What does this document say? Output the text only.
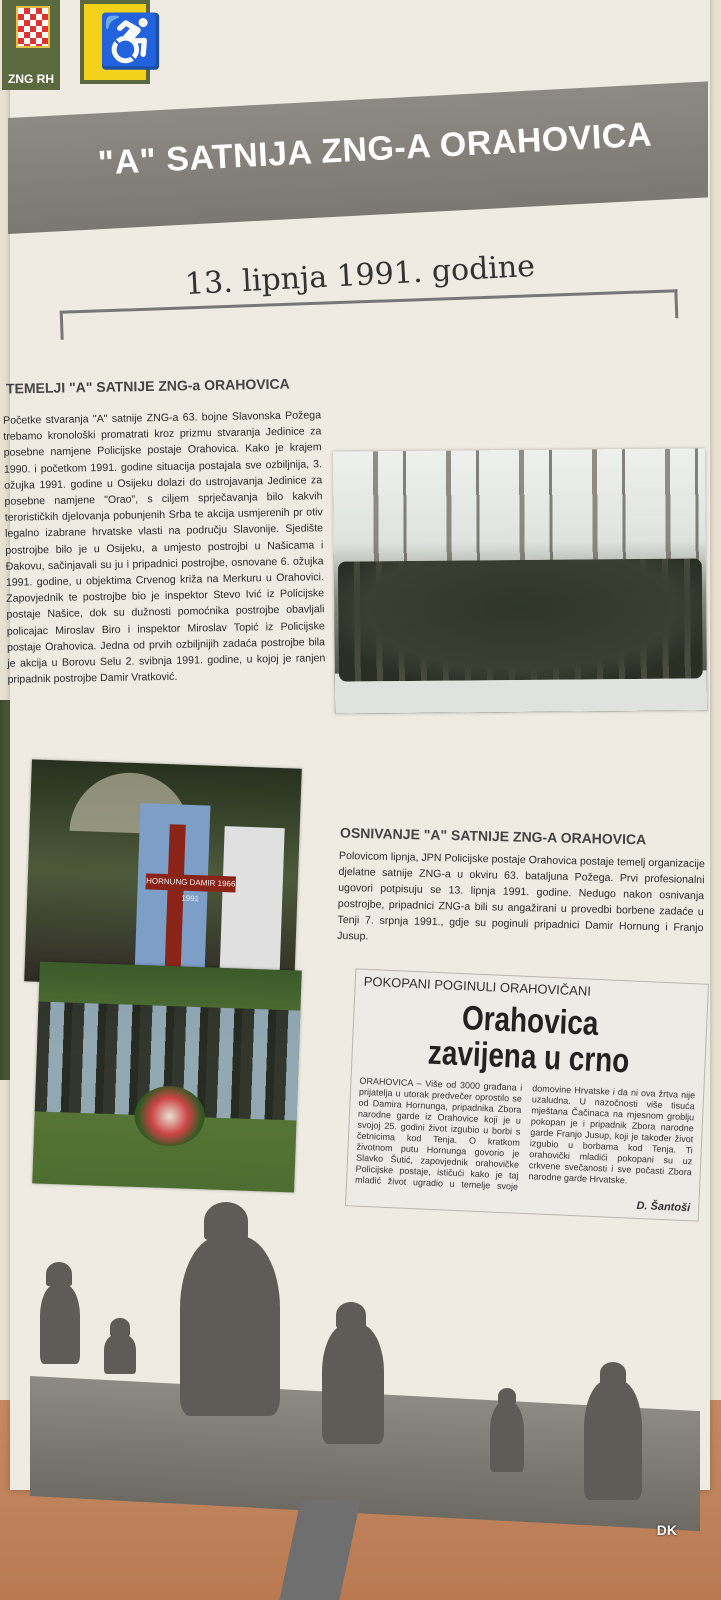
ZNG RH
♿
"A" SATNIJA ZNG-A ORAHOVICA
13. lipnja 1991. godine
TEMELJI "A" SATNIJE ZNG-a ORAHOVICA
Početke stvaranja "A" satnije ZNG-a 63. bojne Slavonska Požega trebamo kronološki promatrati kroz prizmu stvaranja Jedinice za posebne namjene Policijske postaje Orahovica. Kako je krajem 1990. i početkom 1991. godine situacija postajala sve ozbiljnija, 3. ožujka 1991. godine u Osijeku dolazi do ustrojavanja Jedinice za posebne namjene "Orao", s ciljem sprječavanja bilo kakvih terorističkih djelovanja pobunjenih Srba te akcija usmjerenih pr otiv legalno izabrane hrvatske vlasti na području Slavonije. Sjedište postrojbe bilo je u Osijeku, a umjesto postrojbi u Našicama i Đakovu, sačinjavali su ju i pripadnici postrojbe, osnovane 6. ožujka 1991. godine, u objektima Crvenog križa na Merkuru u Orahovici. Zapovjednik te postrojbe bio je inspektor Stevo Ivić iz Policijske postaje Našice, dok su dužnosti pomoćnika postrojbe obavljali policajac Miroslav Biro i inspektor Miroslav Topić iz Policijske postaje Orahovica. Jedna od prvih ozbiljnijih zadaća postrojbe bila je akcija u Borovu Selu 2. svibnja 1991. godine, u kojoj je ranjen pripadnik postrojbe Damir Vratković.
HORNUNG DAMIR 1966 1991
OSNIVANJE "A" SATNIJE ZNG-A ORAHOVICA
Polovicom lipnja, JPN Policijske postaje Orahovica postaje temelj organizacije djelatne satnije ZNG-a u okviru 63. bataljuna Požega. Prvi profesionalni ugovori potpisuju se 13. lipnja 1991. godine. Nedugo nakon osnivanja postrojbe, pripadnici ZNG-a bili su angažirani u provedbi borbene zadaće u Tenji 7. srpnja 1991., gdje su poginuli pripadnici Damir Hornung i Franjo Jusup.
POKOPANI POGINULI ORAHOVIČANI
Orahovica
zavijena u crno
ORAHOVICA – Više od 3000 građana i prijatelja u utorak predvečer oprostilo se od Damira Hornunga, pripadnika Zbora narodne garde iz Orahovice koji je u svojoj 25. godini život izgubio u borbi s četnicima kod Tenja. O kratkom životnom putu Hornunga govorio je Slavko Šutić, zapovjednik orahovičke Policijske postaje, ističući kako je taj mladić život ugradio u temelje svoje domovine Hrvatske i da ni ova žrtva nije uzaludna. U nazočnosti više tisuća mještana Čačinaca na mjesnom groblju pokopan je i pripadnik Zbora narodne garde Franjo Jusup, koji je također život izgubio u borbama kod Tenja. Ti orahovički mladići pokopani su uz crkvene svečanosti i sve počasti Zbora narodne garde Hrvatske.
D. Šantoši
DK
